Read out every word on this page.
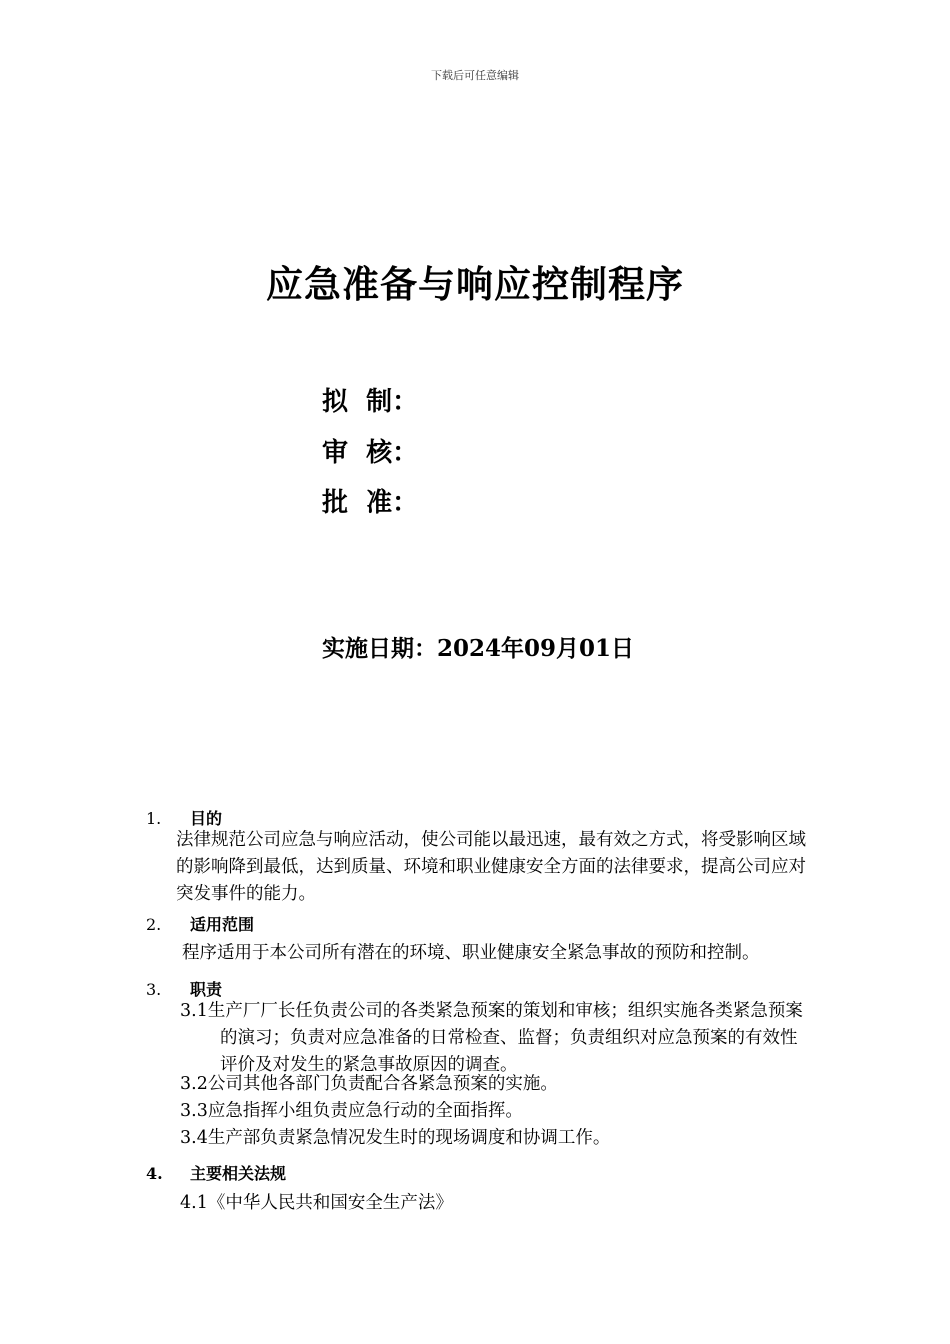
下载后可任意编辑
应急准备与响应控制程序
拟  制：
审  核：
批  准：
实施日期：2024年09月01日
1. 目的
法律规范公司应急与响应活动，使公司能以最迅速，最有效之方式，将受影响区域的影响降到最低，达到质量、环境和职业健康安全方面的法律要求，提高公司应对突发事件的能力。
2. 适用范围
程序适用于本公司所有潜在的环境、职业健康安全紧急事故的预防和控制。
3. 职责
3.1生产厂厂长任负责公司的各类紧急预案的策划和审核；组织实施各类紧急预案的演习；负责对应急准备的日常检查、监督；负责组织对应急预案的有效性评价及对发生的紧急事故原因的调查。
3.2公司其他各部门负责配合各紧急预案的实施。
3.3应急指挥小组负责应急行动的全面指挥。
3.4生产部负责紧急情况发生时的现场调度和协调工作。
4. 主要相关法规
4.1《中华人民共和国安全生产法》
